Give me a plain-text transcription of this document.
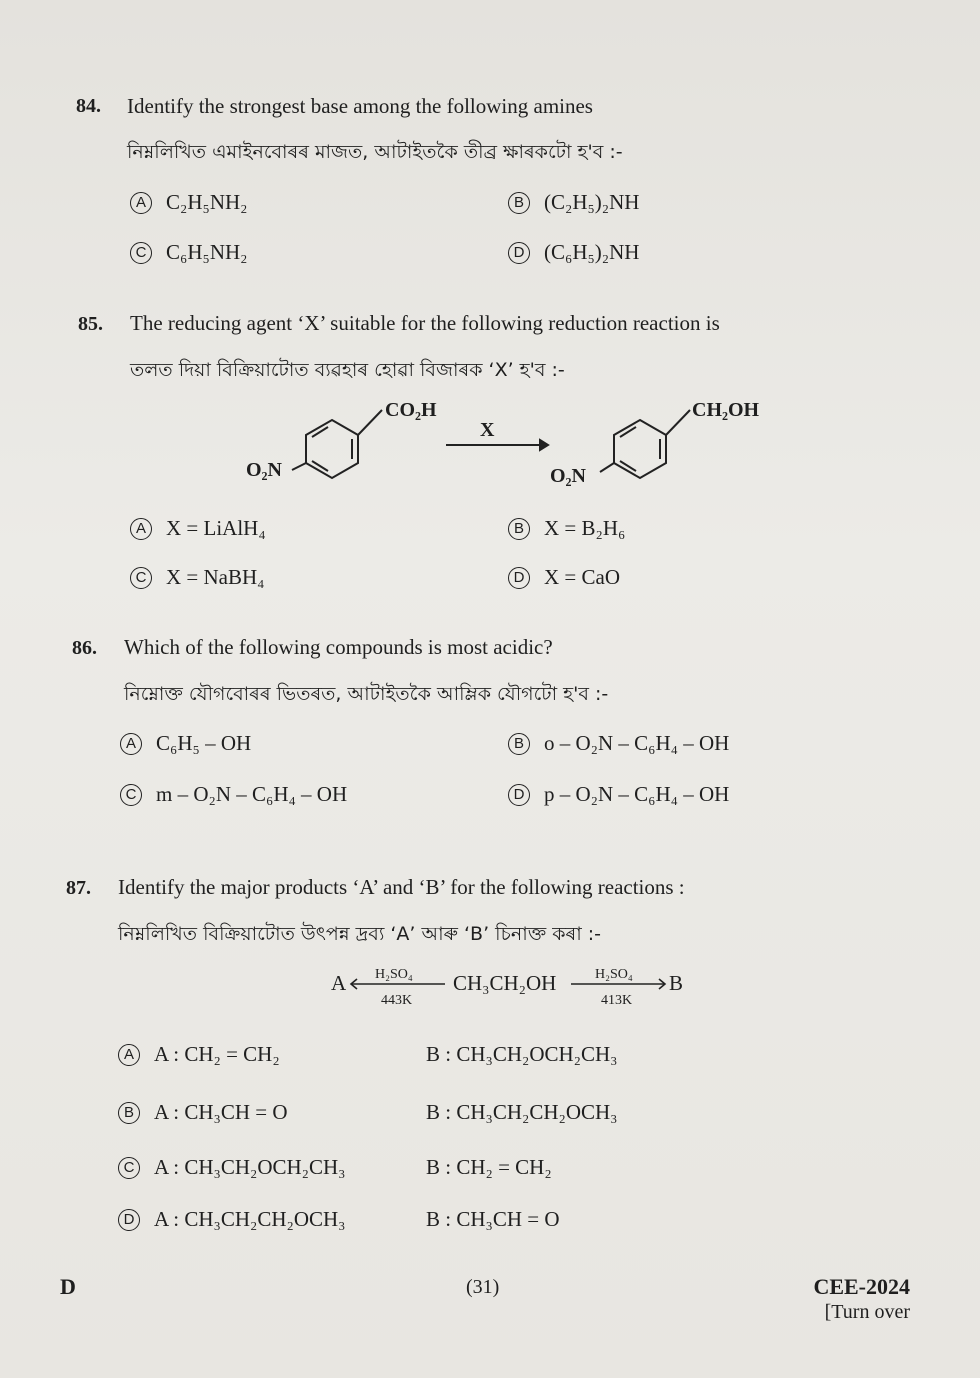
84. Identify the strongest base among the following amines
নিম্নলিখিত এমাইনবোৰৰ মাজত, আটাইতকৈ তীব্ৰ ক্ষাৰকটো হ'ব :-
A C₂H₅NH₂	B (C₂H₅)₂NH
C C₆H₅NH₂	D (C₆H₅)₂NH
85. The reducing agent ‘X’ suitable for the following reduction reaction is
তলত দিয়া বিক্ৰিয়াটোত ব্যৱহাৰ হোৱা বিজাৰক ‘X’ হ'ব :-
CO₂H
O₂N
X
CH₂OH
O₂N
A X = LiAlH₄	B X = B₂H₆
C X = NaBH₄	D X = CaO
86. Which of the following compounds is most acidic?
নিম্নোক্ত যৌগবোৰৰ ভিতৰত, আটাইতকৈ আম্লিক যৌগটো হ'ব :-
A C₆H₅ – OH	B o – O₂N – C₆H₄ – OH
C m – O₂N – C₆H₄ – OH	D p – O₂N – C₆H₄ – OH
87. Identify the major products ‘A’ and ‘B’ for the following reactions :
নিম্নলিখিত বিক্ৰিয়াটোত উৎপন্ন দ্ৰব্য ‘A’ আৰু ‘B’ চিনাক্ত কৰা :-
A H₂SO₄
443K
CH₃CH₂OH	H₂SO₄
413K
B
A A : CH₂ = CH₂	B : CH₃CH₂OCH₂CH₃
B A : CH₃CH = O	B : CH₃CH₂CH₂OCH₃
C A : CH₃CH₂OCH₂CH₃	B : CH₂ = CH₂
D A : CH₃CH₂CH₂OCH₃	B : CH₃CH = O
D	(31)	CEE-2024
[Turn over
